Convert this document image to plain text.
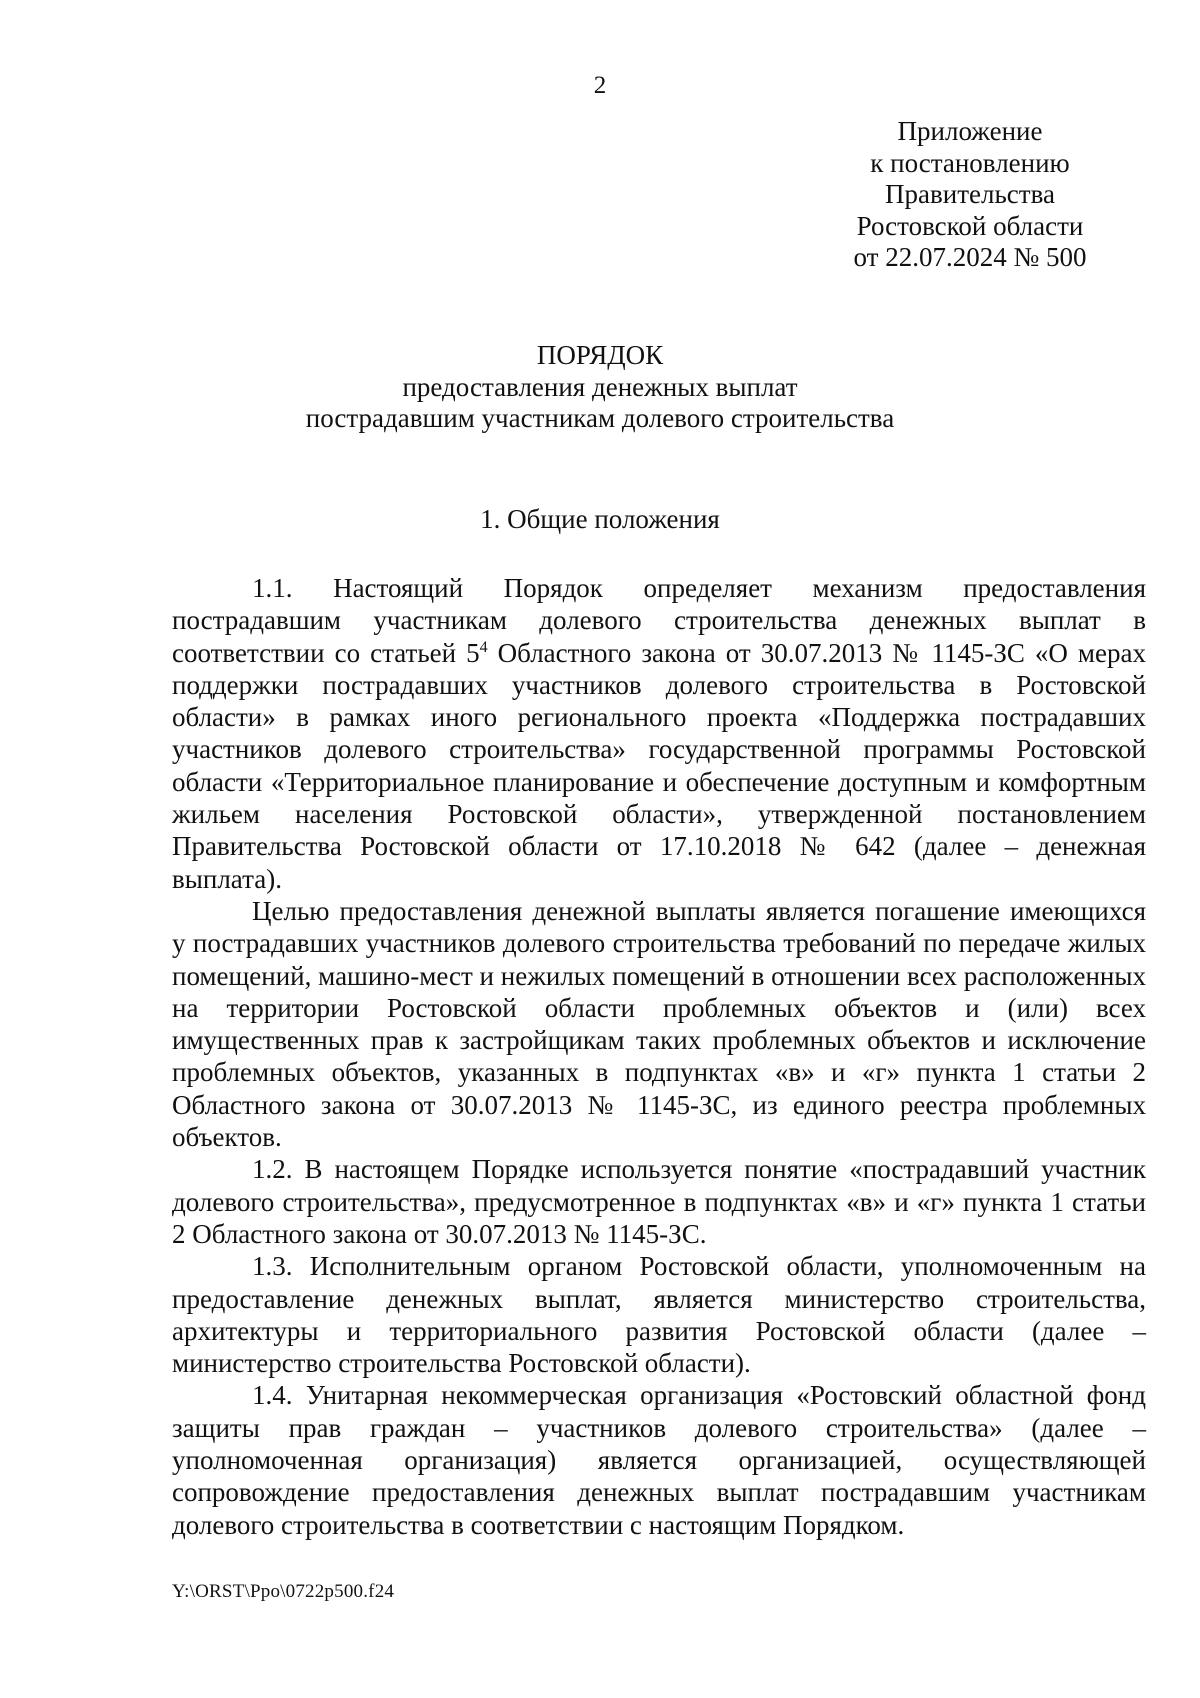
2
Приложение
к постановлению
Правительства
Ростовской области
от 22.07.2024 № 500
ПОРЯДОК
предоставления денежных выплат
пострадавшим участникам долевого строительства
1. Общие положения

1.1. Настоящий Порядок определяет механизм предоставления пострадавшим участникам долевого строительства денежных выплат в соответствии со статьей $5^4$ Областного закона от 30.07.2013 № 1145-ЗС «О мерах поддержки пострадавших участников долевого строительства в Ростовской области» в рамках иного регионального проекта «Поддержка пострадавших участников долевого строительства» государственной программы Ростовской области «Территориальное планирование и обеспечение доступным и комфортным жильем населения Ростовской области», утвержденной постановлением Правительства Ростовской области от 17.10.2018 № 642 (далее – денежная выплата).

Целью предоставления денежной выплаты является погашение имеющихся у пострадавших участников долевого строительства требований по передаче жилых помещений, машино-мест и нежилых помещений в отношении всех расположенных на территории Ростовской области проблемных объектов и (или) всех имущественных прав к застройщикам таких проблемных объектов и исключение проблемных объектов, указанных в подпунктах «в» и «г» пункта 1 статьи 2 Областного закона от 30.07.2013 № 1145-ЗС, из единого реестра проблемных объектов.

1.2. В настоящем Порядке используется понятие «пострадавший участник долевого строительства», предусмотренное в подпунктах «в» и «г» пункта 1 статьи 2 Областного закона от 30.07.2013 № 1145-ЗС.

1.3. Исполнительным органом Ростовской области, уполномоченным на предоставление денежных выплат, является министерство строительства, архитектуры и территориального развития Ростовской области (далее – министерство строительства Ростовской области).

1.4. Унитарная некоммерческая организация «Ростовский областной фонд защиты прав граждан – участников долевого строительства» (далее – уполномоченная организация) является организацией, осуществляющей сопровождение предоставления денежных выплат пострадавшим участникам долевого строительства в соответствии с настоящим Порядком.

Y:\ORST\Ppo\0722p500.f24
